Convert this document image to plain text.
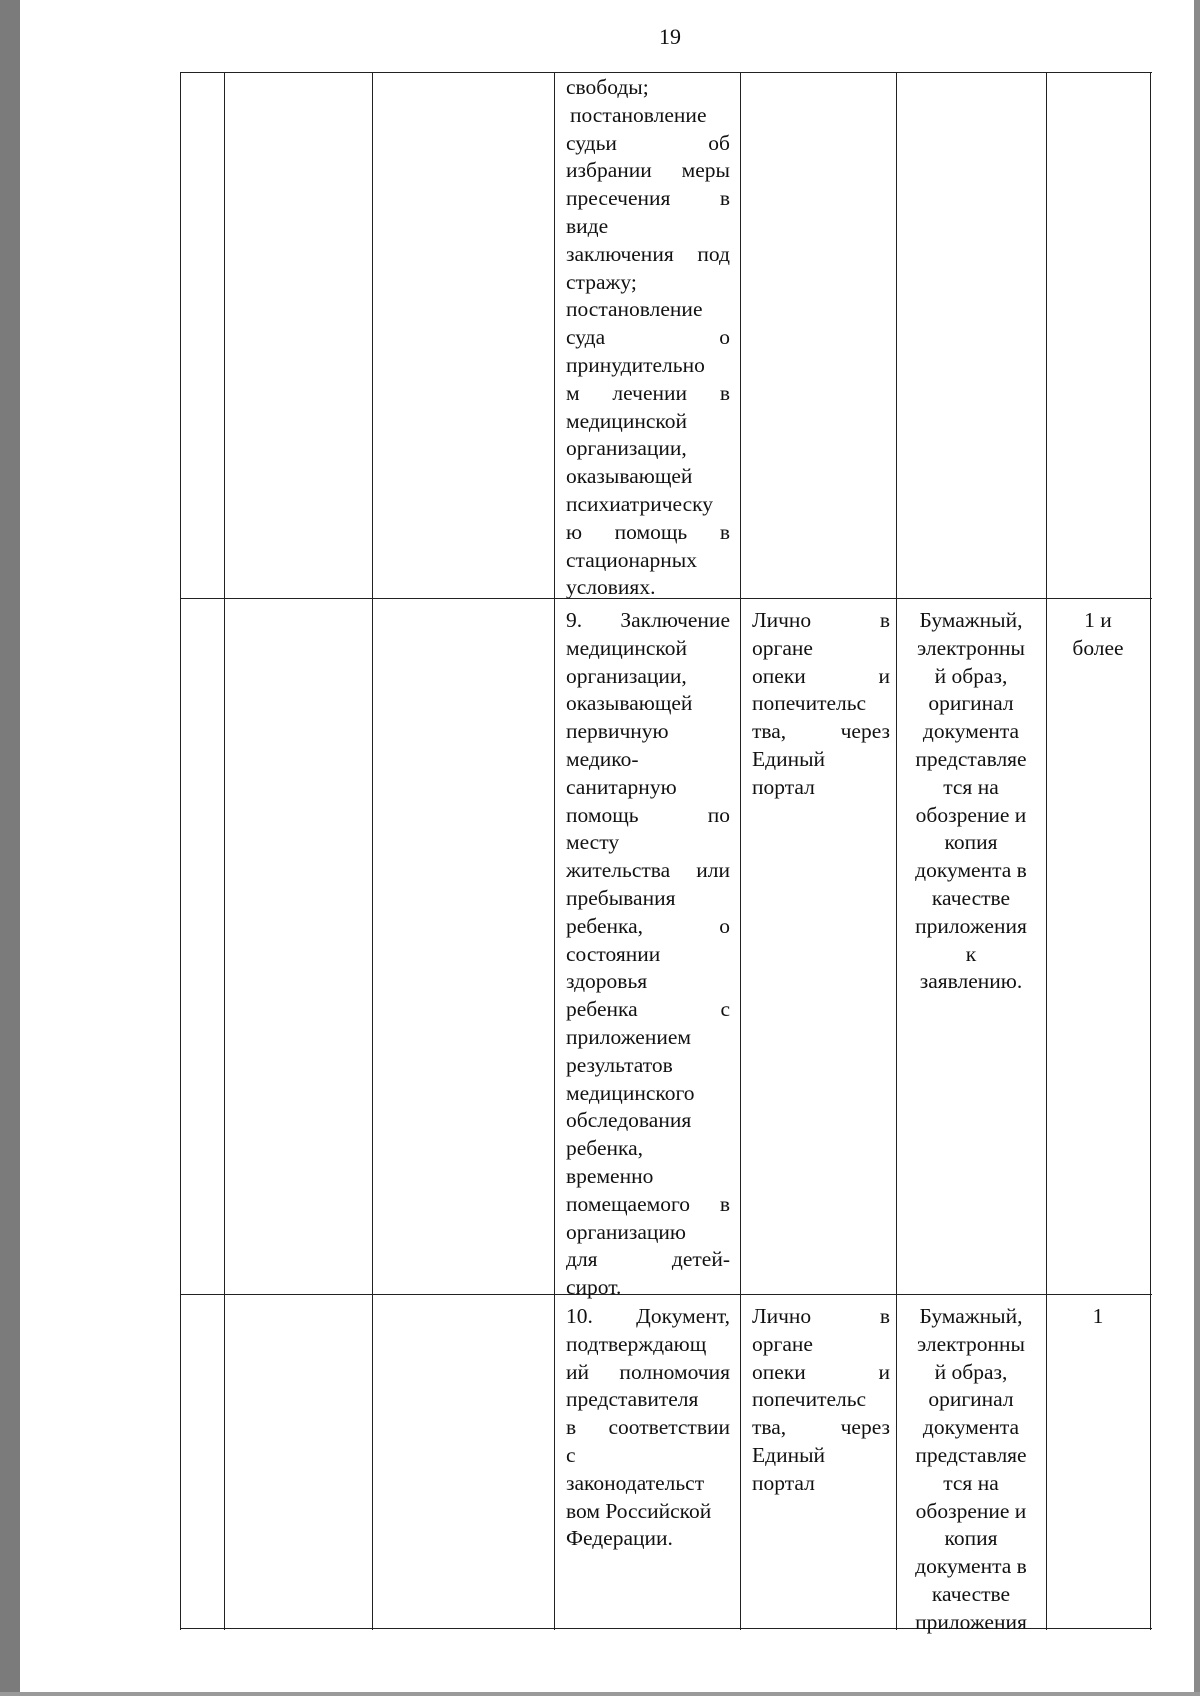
19
свободы;
постановление
судьи об
избрании меры
пресечения в
виде
заключения под
стражу;
постановление
суда о
принудительно
м лечении в
медицинской
организации,
оказывающей
психиатрическу
ю помощь в
стационарных
условиях.
9. Заключение
медицинской
организации,
оказывающей
первичную
медико-
санитарную
помощь по
месту
жительства или
пребывания
ребенка, о
состоянии
здоровья
ребенка с
приложением
результатов
медицинского
обследования
ребенка,
временно
помещаемого в
организацию
для детей-
сирот.
Лично в
органе
опеки и
попечительс
тва, через
Единый
портал
Бумажный,
электронны
й образ,
оригинал
документа
представляе
тся на
обозрение и
копия
документа в
качестве
приложения
к
заявлению.
1 и
более
10. Документ,
подтверждающ
ий полномочия
представителя
в соответствии
с
законодательст
вом Российской
Федерации.
Лично в
органе
опеки и
попечительс
тва, через
Единый
портал
Бумажный,
электронны
й образ,
оригинал
документа
представляе
тся на
обозрение и
копия
документа в
качестве
приложения
1
